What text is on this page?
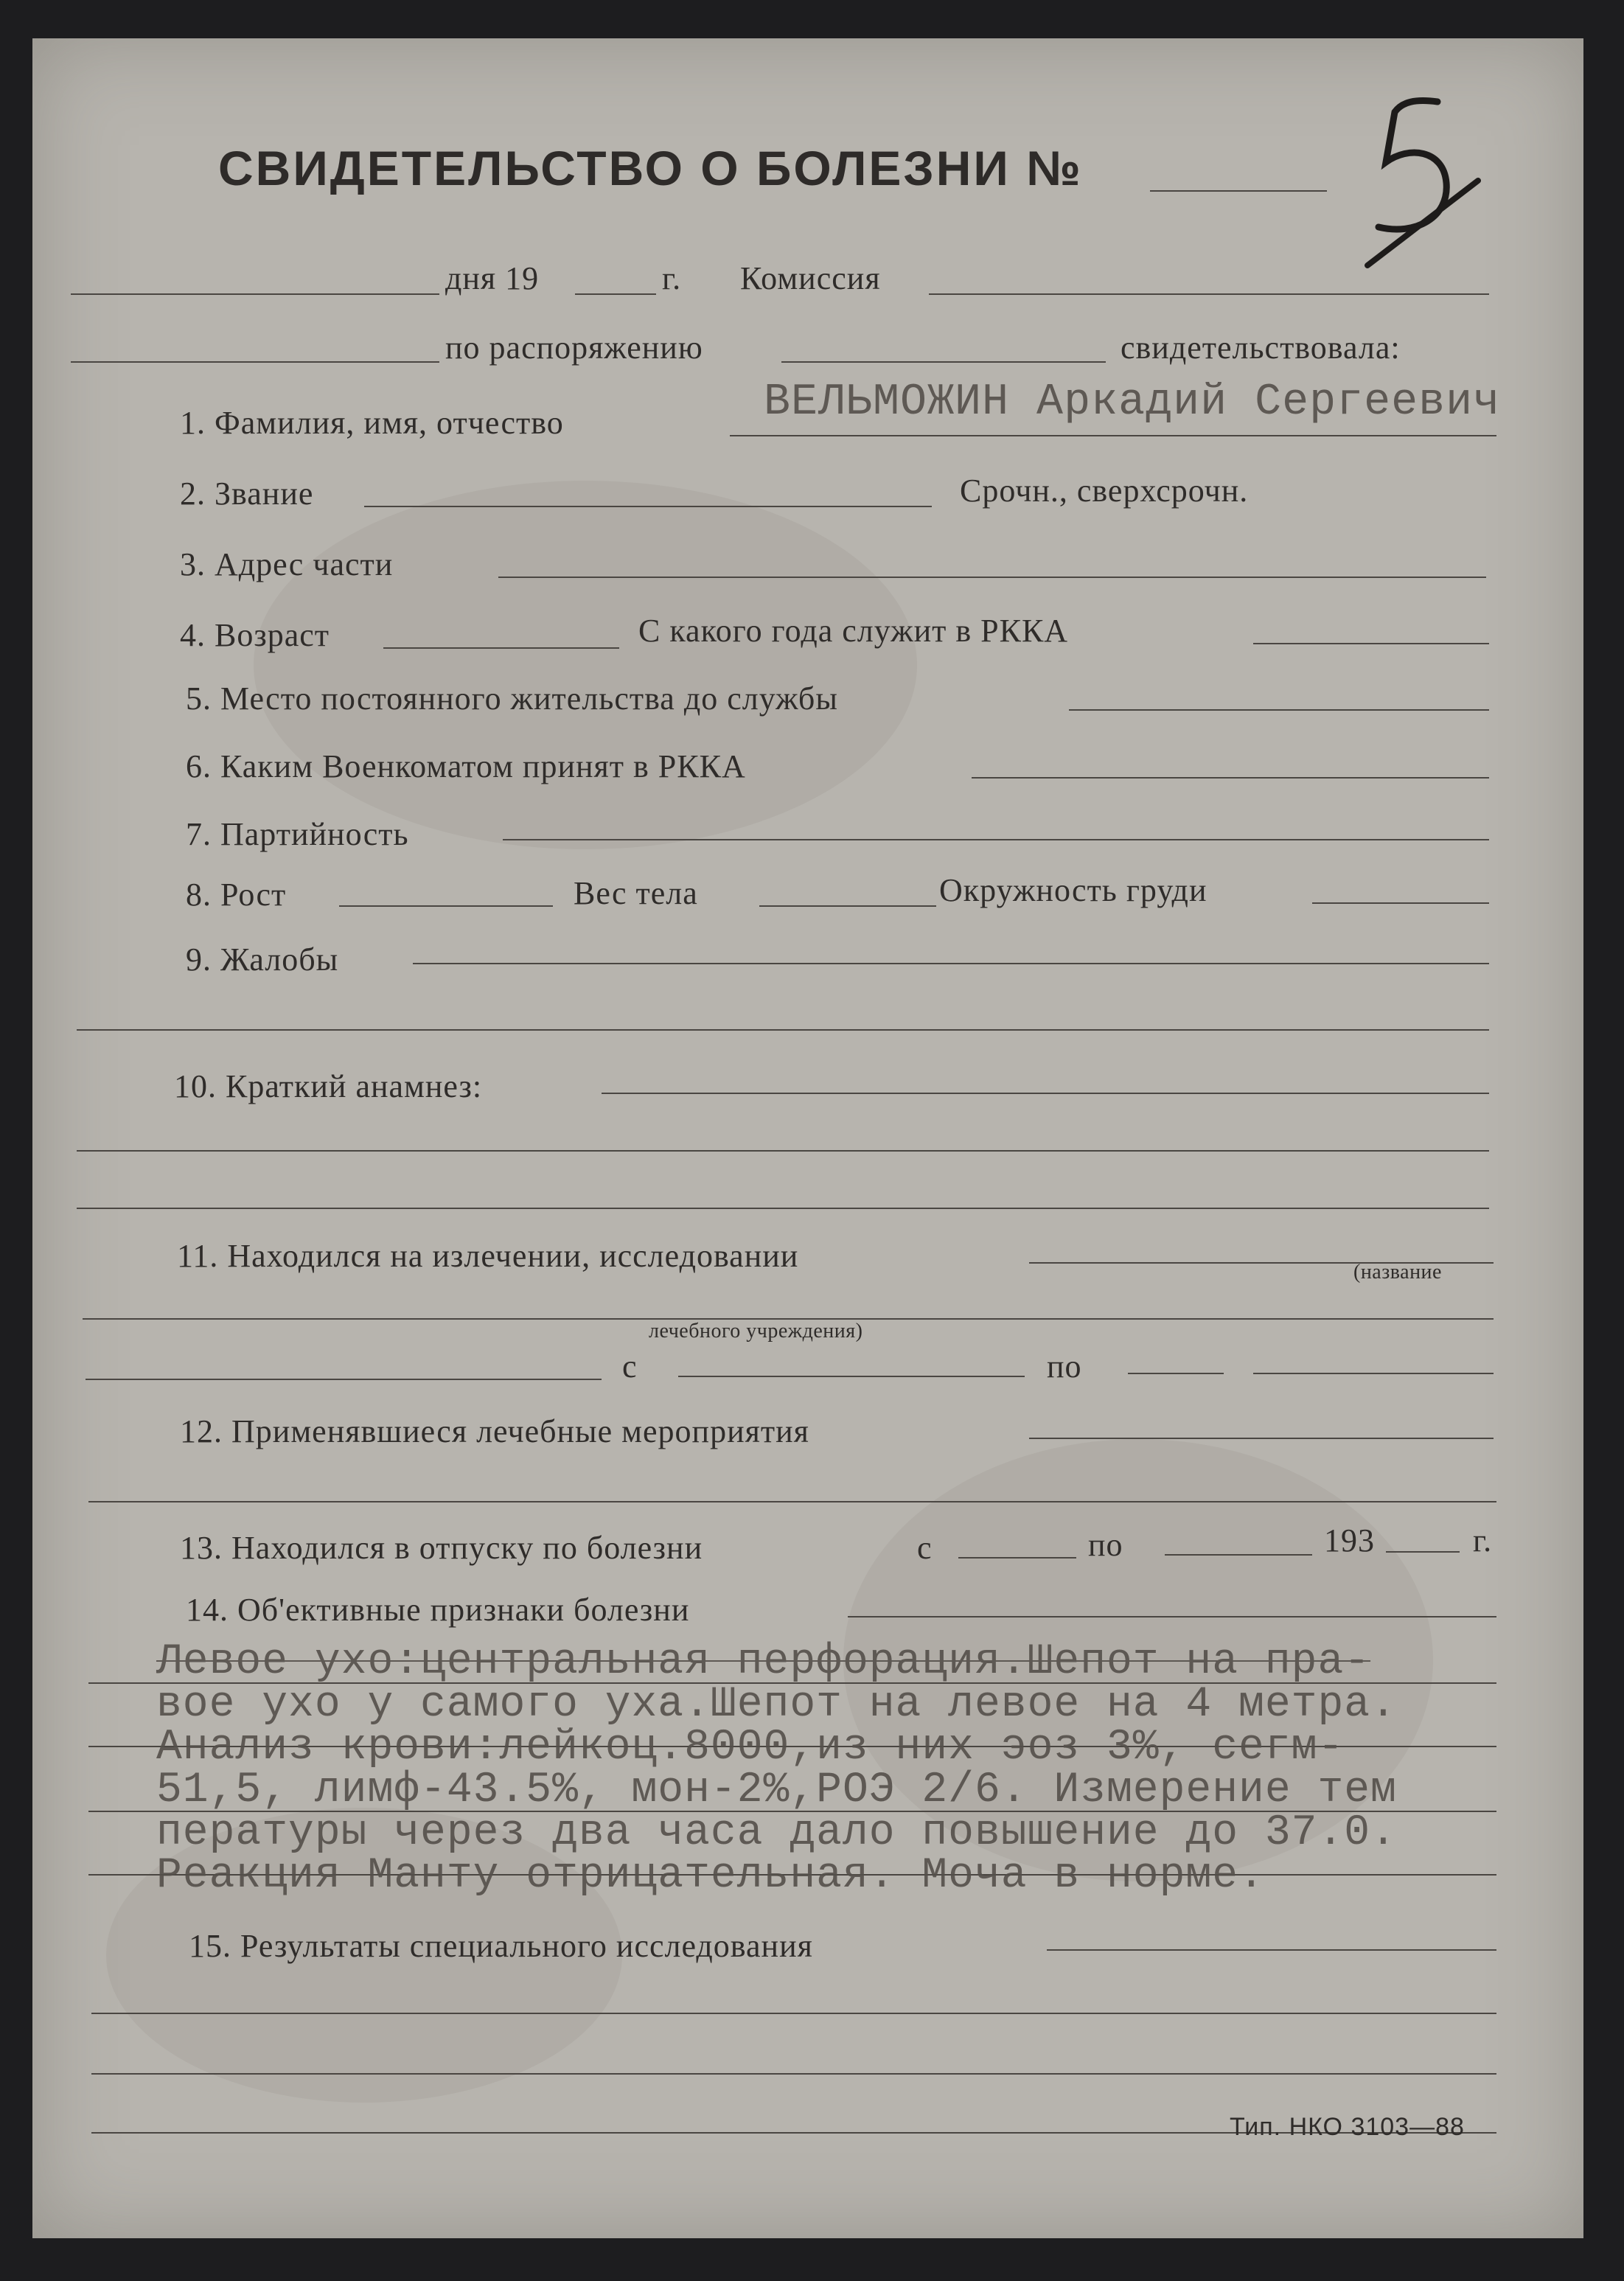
СВИДЕТЕЛЬСТВО О БОЛЕЗНИ №
дня 19	г. Комиссия
по распоряжению	свидетельствовала:
1. Фамилия, имя, отчество	ВЕЛЬМОЖИН Аркадий Сергеевич
2. Звание	Срочн., сверхсрочн.
3. Адрес части
4. Возраст	С какого года служит в РККА
5. Место постоянного жительства до службы
6. Каким Военкоматом принят в РККА
7. Партийность
8. Рост	Вес тела	Окружность груди
9. Жалобы
10. Краткий анамнез:
11. Находился на излечении, исследовании	(название
лечебного учреждения)
с	по
12. Применявшиеся лечебные мероприятия
13. Находился в отпуску по болезни	с	по	193	г.
14. Об'ективные признаки болезни
Левое ухо:центральная перфорация.Шепот на пра-
вое ухо у самого уха.Шепот на левое на 4 метра.
Анализ крови:лейкоц.8000,из них эоз 3%, сегм-
51,5, лимф-43.5%, мон-2%,РОЭ 2/6. Измерение тем
пературы через два часа дало повышение до 37.0.
Реакция Манту отрицательная. Моча в норме.
15. Результаты специального исследования
Тип. НКО 3103—88
